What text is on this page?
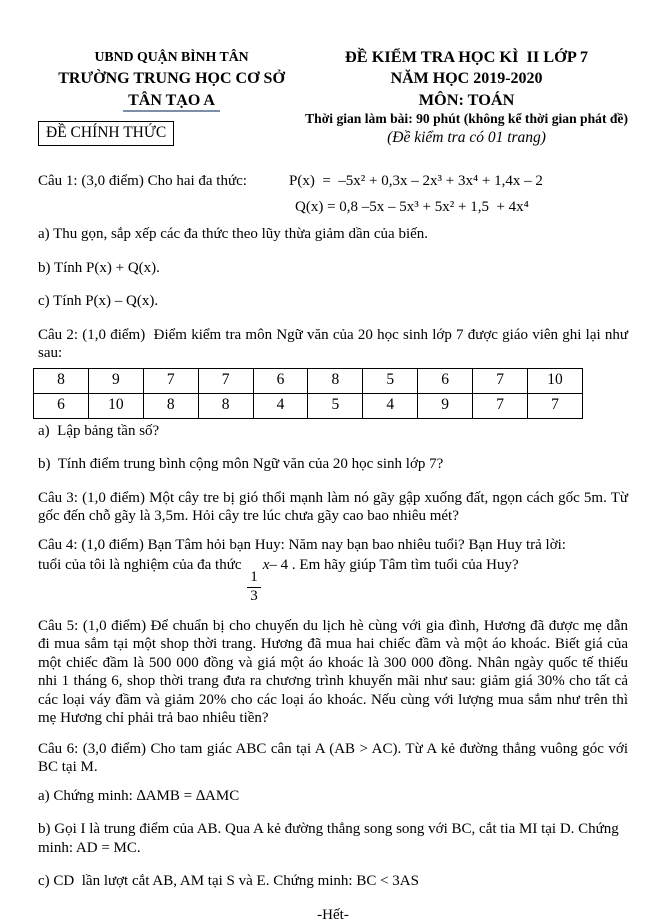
UBND QUẬN BÌNH TÂN
TRƯỜNG TRUNG HỌC CƠ SỞ
TÂN TẠO A
ĐỀ CHÍNH THỨC
ĐỀ KIỂM TRA HỌC KÌ  II LỚP 7
NĂM HỌC 2019-2020
MÔN: TOÁN
Thời gian làm bài: 90 phút (không kể thời gian phát đề)
(Đề kiểm tra có 01 trang)
Câu 1: (3,0 điểm) Cho hai đa thức:	P(x)  =  –5x² + 0,3x – 2x³ + 3x⁴ + 1,4x – 2
Q(x) = 0,8 –5x – 5x³ + 5x² + 1,5  + 4x⁴

a) Thu gọn, sắp xếp các đa thức theo lũy thừa giảm dần của biến.

b) Tính P(x) + Q(x).

c) Tính P(x) – Q(x).

Câu 2: (1,0 điểm)  Điểm kiểm tra môn Ngữ văn của 20 học sinh lớp 7 được giáo viên ghi lại như sau:

8	9	7	7	6	8	5	6	7	10
6	10	8	8	4	5	4	9	7	7

a)  Lập bảng tần số?

b)  Tính điểm trung bình cộng môn Ngữ văn của 20 học sinh lớp 7?

Câu 3: (1,0 điểm) Một cây tre bị gió thổi mạnh làm nó gãy gập xuống đất, ngọn cách gốc 5m. Từ gốc đến chỗ gãy là 3,5m. Hỏi cây tre lúc chưa gãy cao bao nhiêu mét?

Câu 4: (1,0 điểm) Bạn Tâm hỏi bạn Huy: Năm nay bạn bao nhiêu tuổi? Bạn Huy trả lời:

tuổi của tôi là nghiệm của đa thức
$\frac{1}{3}$
x– 4 . Em hãy giúp Tâm tìm tuổi của Huy?

Câu 5: (1,0 điểm) Để chuẩn bị cho chuyến du lịch hè cùng với gia đình, Hương đã được mẹ dẫn đi mua sắm tại một shop thời trang. Hương đã mua hai chiếc đầm và một áo khoác. Biết giá của một chiếc đầm là 500 000 đồng và giá một áo khoác là 300 000 đồng. Nhân ngày quốc tế thiếu nhi 1 tháng 6, shop thời trang đưa ra chương trình khuyến mãi như sau: giảm giá 30% cho tất cả các loại váy đầm và giảm 20% cho các loại áo khoác. Nếu cùng với lượng mua sắm như trên thì mẹ Hương chỉ phải trả bao nhiêu tiền?

Câu 6: (3,0 điểm) Cho tam giác ABC cân tại A (AB > AC). Từ A kẻ đường thẳng vuông góc với BC tại M.

a) Chứng minh: ∆AMB = ∆AMC

b) Gọi I là trung điểm của AB. Qua A kẻ đường thẳng song song với BC, cắt tia MI tại D. Chứng minh: AD = MC.

c) CD  lần lượt cắt AB, AM tại S và E. Chứng minh: BC < 3AS

-Hết-
